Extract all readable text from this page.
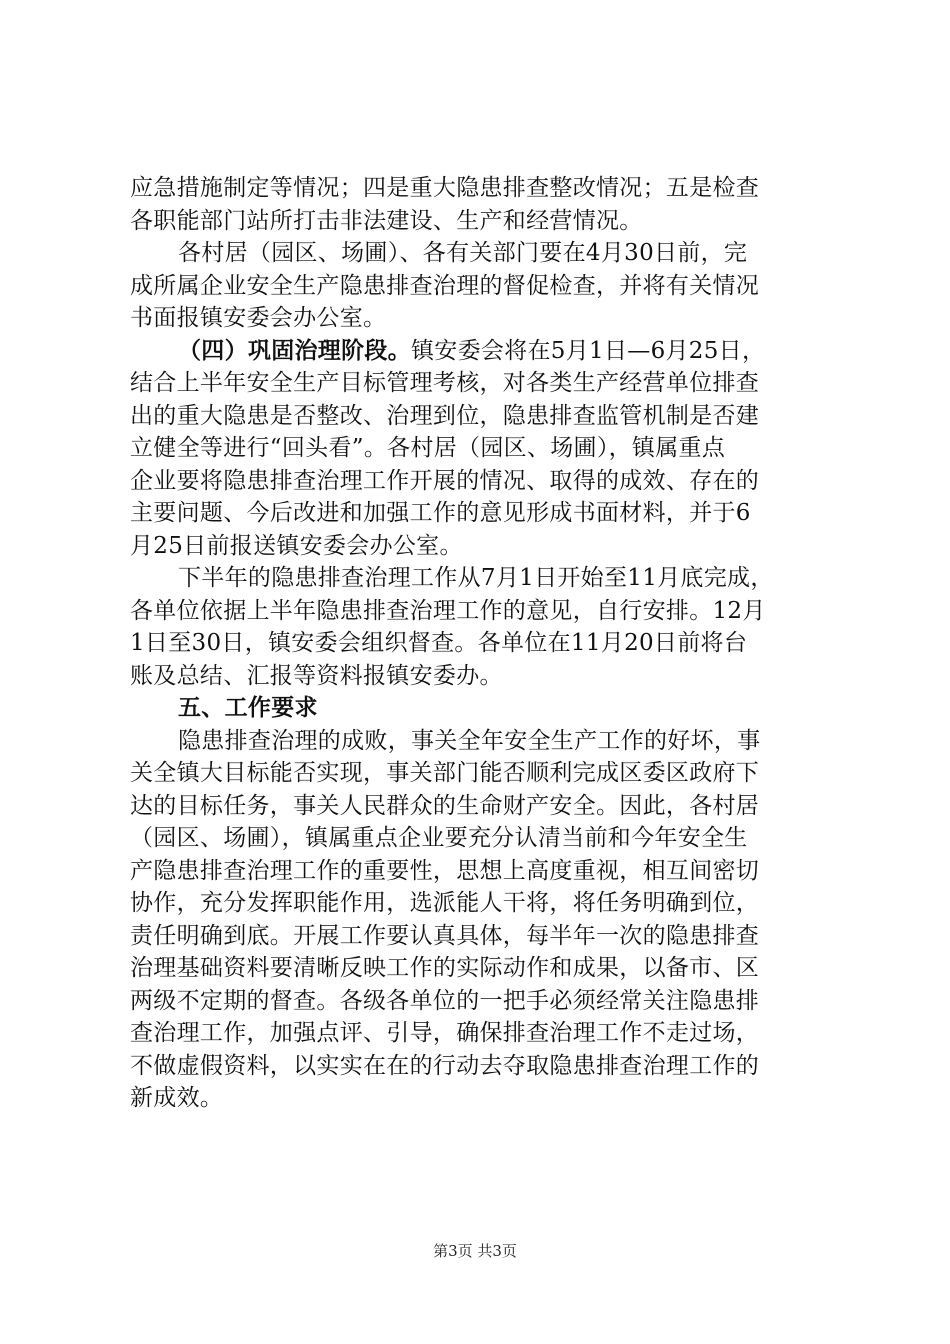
应急措施制定等情况；四是重大隐患排查整改情况；五是检查
各职能部门站所打击非法建设、生产和经营情况。
各村居（园区、场圃）、各有关部门要在4月30日前，完
成所属企业安全生产隐患排查治理的督促检查，并将有关情况
书面报镇安委会办公室。
（四）巩固治理阶段。镇安委会将在5月1日—6月25日，
结合上半年安全生产目标管理考核，对各类生产经营单位排查
出的重大隐患是否整改、治理到位，隐患排查监管机制是否建
立健全等进行“回头看”。各村居（园区、场圃），镇属重点
企业要将隐患排查治理工作开展的情况、取得的成效、存在的
主要问题、今后改进和加强工作的意见形成书面材料，并于6
月25日前报送镇安委会办公室。
下半年的隐患排查治理工作从7月1日开始至11月底完成，
各单位依据上半年隐患排查治理工作的意见，自行安排。12月
1日至30日，镇安委会组织督查。各单位在11月20日前将台
账及总结、汇报等资料报镇安委办。
五、工作要求
隐患排查治理的成败，事关全年安全生产工作的好坏，事
关全镇大目标能否实现，事关部门能否顺利完成区委区政府下
达的目标任务，事关人民群众的生命财产安全。因此，各村居
（园区、场圃），镇属重点企业要充分认清当前和今年安全生
产隐患排查治理工作的重要性，思想上高度重视，相互间密切
协作，充分发挥职能作用，选派能人干将，将任务明确到位，
责任明确到底。开展工作要认真具体，每半年一次的隐患排查
治理基础资料要清晰反映工作的实际动作和成果，以备市、区
两级不定期的督查。各级各单位的一把手必须经常关注隐患排
查治理工作，加强点评、引导，确保排查治理工作不走过场，
不做虚假资料，以实实在在的行动去夺取隐患排查治理工作的
新成效。
第3页 共3页
